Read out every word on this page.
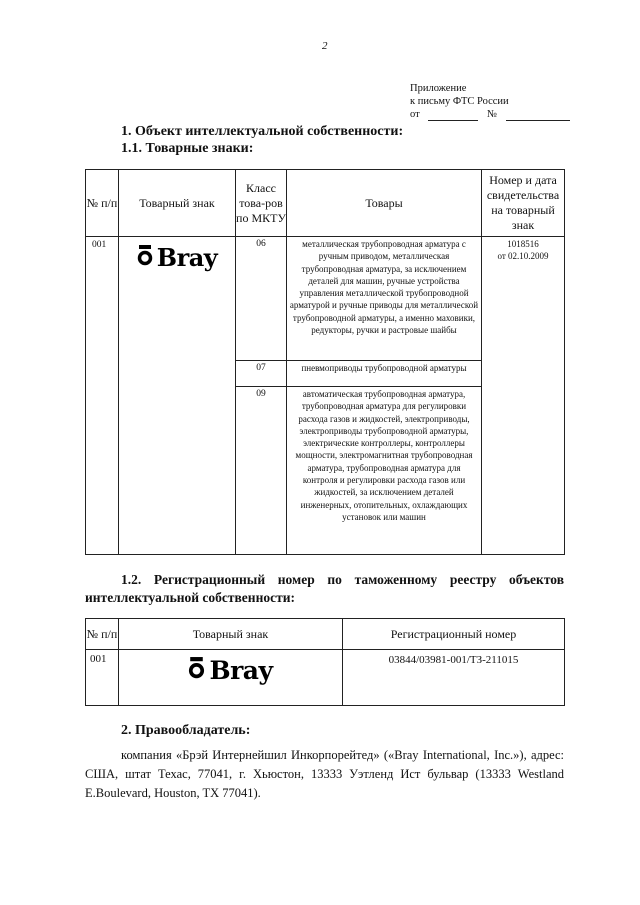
2
Приложение
к письму ФТС России
от	№
1. Объект интеллектуальной собственности:
1.1. Товарные знаки:
№ п/п	Товарный знак	Класс това-ров по МКТУ	Товары	Номер и дата свидетельства на товарный знак
001	Bray	06	металлическая трубопроводная арматура с ручным приводом, металлическая трубопроводная арматура, за исключением деталей для машин, ручные устройства управления металлической трубопроводной арматурой и ручные приводы для металлической трубопроводной арматуры, а именно маховики, редукторы, ручки и растровые шайбы	1018516
от 02.10.2009

		07	пневмоприводы трубопроводной арматуры	
		09	автоматическая трубопроводная арматура, трубопроводная арматура для регулировки расхода газов и жидкостей, электроприводы, электроприводы трубопроводной арматуры, электрические контроллеры, контроллеры мощности, электромагнитная трубопроводная арматура, трубопроводная арматура для контроля и регулировки расхода газов или жидкостей, за исключением деталей инженерных, отопительных, охлаждающих установок или машин	
1.2. Регистрационный номер по таможенному реестру объектов
интеллектуальной собственности:
№ п/п	Товарный знак	Регистрационный номер
001	Bray	03844/03981-001/ТЗ-211015
2. Правообладатель:
компания «Брэй Интернейшил Инкорпорейтед» («Bray International, Inc.»), адрес: США, штат Техас, 77041, г. Хьюстон, 13333 Уэтленд Ист бульвар (13333 Westland E.Boulevard, Houston, TX 77041).
